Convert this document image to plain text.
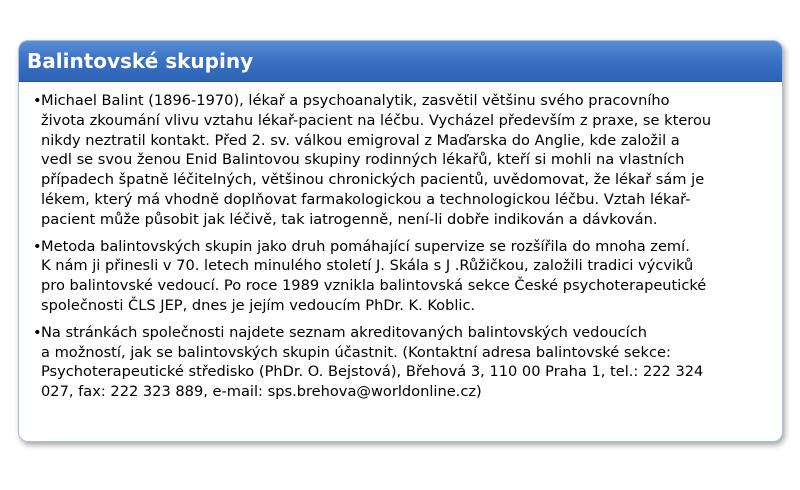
Balintovské skupiny
• Michael Balint (1896-1970), lékař a psychoanalytik, zasvětil většinu svého pracovního
života zkoumání vlivu vztahu lékař-pacient na léčbu. Vycházel především z praxe, se kterou
nikdy neztratil kontakt. Před 2. sv. válkou emigroval z Maďarska do Anglie, kde založil a
vedl se svou ženou Enid Balintovou skupiny rodinných lékařů, kteří si mohli na vlastních
případech špatně léčitelných, většinou chronických pacientů, uvědomovat, že lékař sám je
lékem, který má vhodně doplňovat farmakologickou a technologickou léčbu. Vztah lékař-
pacient může působit jak léčivě, tak iatrogenně, není-li dobře indikován a dávkován.
• Metoda balintovských skupin jako druh pomáhající supervize se rozšířila do mnoha zemí.
K nám ji přinesli v 70. letech minulého století J. Skála s J .Růžičkou, založili tradici výcviků
pro balintovské vedoucí. Po roce 1989 vznikla balintovská sekce České psychoterapeutické
společnosti ČLS JEP, dnes je jejím vedoucím PhDr. K. Koblic.
• Na stránkách společnosti najdete seznam akreditovaných balintovských vedoucích
a možností, jak se balintovských skupin účastnit. (Kontaktní adresa balintovské sekce:
Psychoterapeutické středisko (PhDr. O. Bejstová), Břehová 3, 110 00 Praha 1, tel.: 222 324
027, fax: 222 323 889, e-mail: sps.brehova@worldonline.cz)
